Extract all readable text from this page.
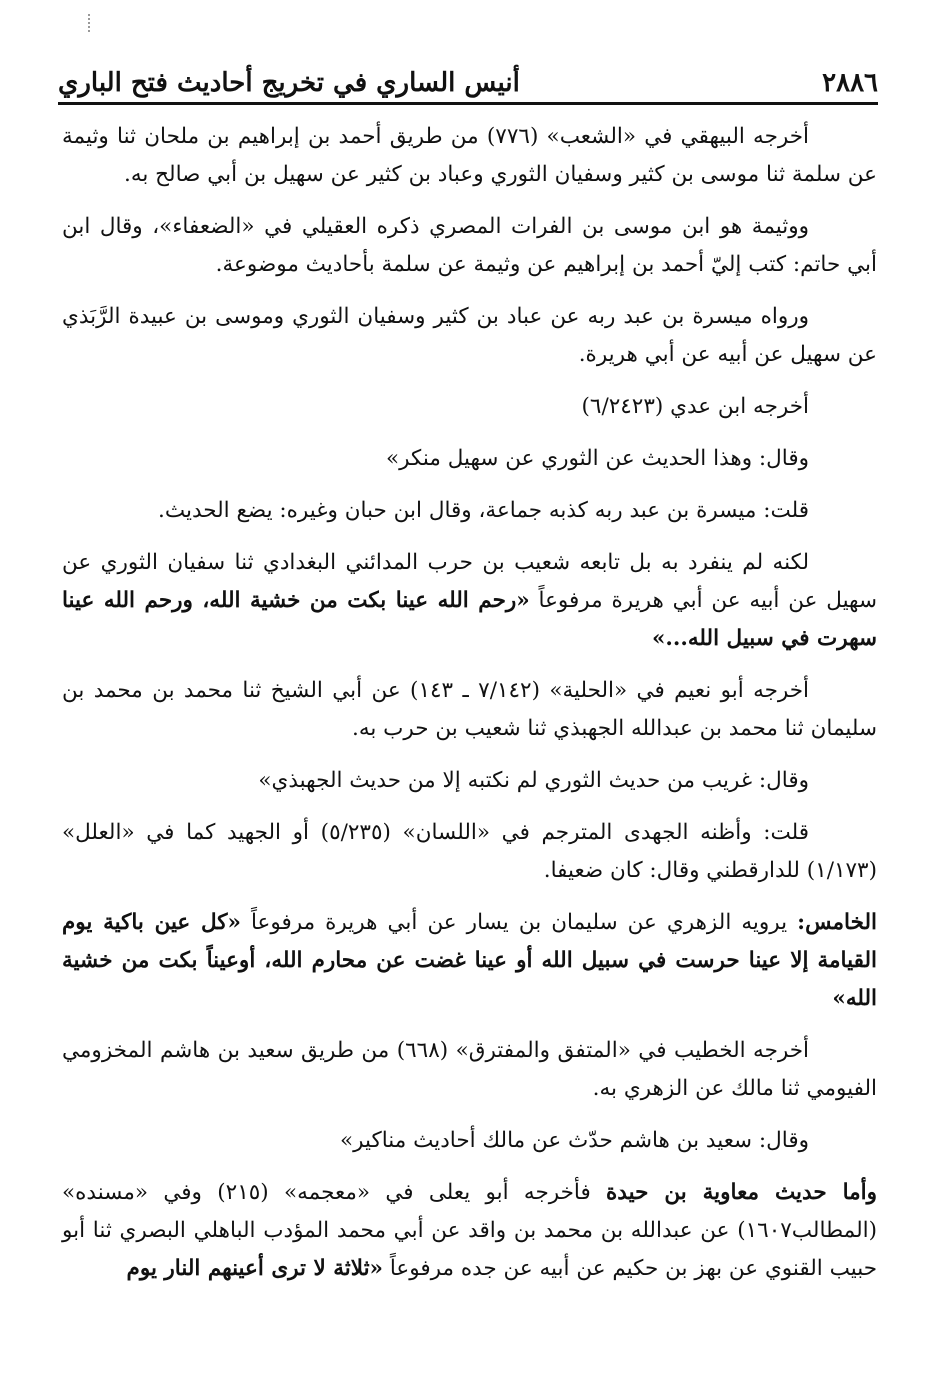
٢٨٨٦
أنيس الساري في تخريج أحاديث فتح الباري

أخرجه البيهقي في «الشعب» (٧٧٦) من طريق أحمد بن إبراهيم بن ملحان ثنا وثيمة عن سلمة ثنا موسى بن كثير وسفيان الثوري وعباد بن كثير عن سهيل بن أبي صالح به.

ووثيمة هو ابن موسى بن الفرات المصري ذكره العقيلي في «الضعفاء»، وقال ابن أبي حاتم: كتب إليّ أحمد بن إبراهيم عن وثيمة عن سلمة بأحاديث موضوعة.

ورواه ميسرة بن عبد ربه عن عباد بن كثير وسفيان الثوري وموسى بن عبيدة الرَّبَذي عن سهيل عن أبيه عن أبي هريرة.

أخرجه ابن عدي (٦/٢٤٢٣)

وقال: وهذا الحديث عن الثوري عن سهيل منكر»

قلت: ميسرة بن عبد ربه كذبه جماعة، وقال ابن حبان وغيره: يضع الحديث.

لكنه لم ينفرد به بل تابعه شعيب بن حرب المدائني البغدادي ثنا سفيان الثوري عن سهيل عن أبيه عن أبي هريرة مرفوعاً «رحم الله عينا بكت من خشية الله، ورحم الله عينا سهرت في سبيل الله...»

أخرجه أبو نعيم في «الحلية» (٧/١٤٢ ـ ١٤٣) عن أبي الشيخ ثنا محمد بن محمد بن سليمان ثنا محمد بن عبدالله الجهبذي ثنا شعيب بن حرب به.

وقال: غريب من حديث الثوري لم نكتبه إلا من حديث الجهبذي»

قلت: وأظنه الجهدى المترجم في «اللسان» (٥/٢٣٥) أو الجهيد كما في «العلل» (١/١٧٣) للدارقطني وقال: كان ضعيفا.

الخامس: يرويه الزهري عن سليمان بن يسار عن أبي هريرة مرفوعاً «كل عين باكية يوم القيامة إلا عينا حرست في سبيل الله أو عينا غضت عن محارم الله، أوعيناً بكت من خشية الله»

أخرجه الخطيب في «المتفق والمفترق» (٦٦٨) من طريق سعيد بن هاشم المخزومي الفيومي ثنا مالك عن الزهري به.

وقال: سعيد بن هاشم حدّث عن مالك أحاديث مناكير»

وأما حديث معاوية بن حيدة فأخرجه أبو يعلى في «معجمه» (٢١٥) وفي «مسنده» (المطالب١٦٠٧) عن عبدالله بن محمد بن واقد عن أبي محمد المؤدب الباهلي البصري ثنا أبو حبيب القنوي عن بهز بن حكيم عن أبيه عن جده مرفوعاً «ثلاثة لا ترى أعينهم النار يوم
